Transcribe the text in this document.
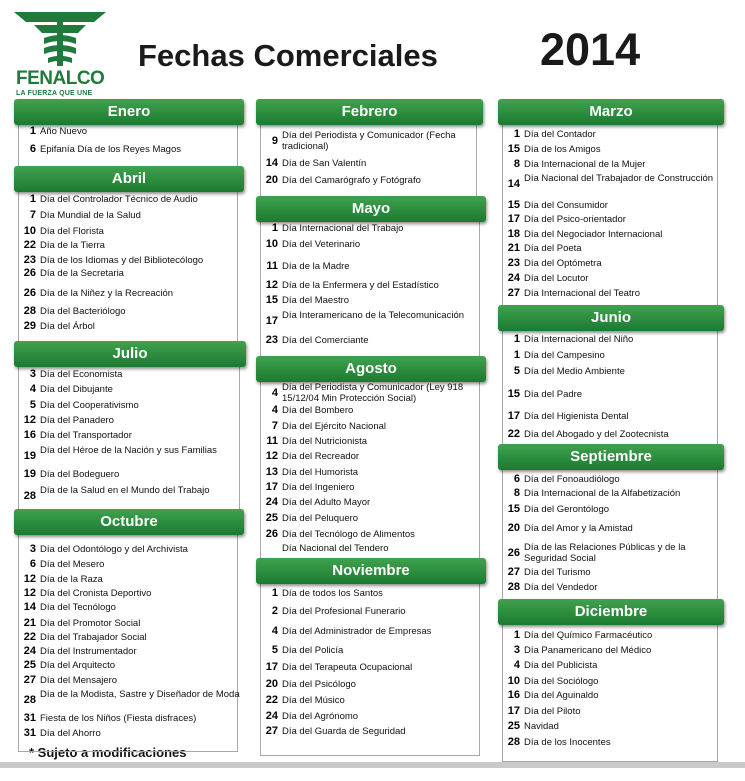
FENALCO
LA FUERZA QUE UNE
Fechas Comerciales 2014
* Sujeto a modificaciones
Enero
1 Año Nuevo
6 Epifanía Día de los Reyes Magos
Abril
1 Día del Controlador Técnico de Audio
7 Día Mundial de la Salud
10 Día del Florista
22 Día de la Tierra
23 Día de los Idiomas y del Bibliotecólogo
26 Día de la Secretaria
26 Día de la Niñez y la Recreación
28 Día del Bacteriólogo
29 Día del Árbol
Julio
3 Día del Economista
4 Día del Dibujante
5 Día del Cooperativismo
12 Día del Panadero
16 Día del Transportador
19 Día del Héroe de la Nación y sus Familias
19 Día del Bodeguero
28 Día de la Salud en el Mundo del Trabajo
Octubre
3 Día del Odontólogo y del Archivista
6 Día del Mesero
12 Día de la Raza
12 Día del Cronista Deportivo
14 Día del Tecnólogo
21 Día del Promotor Social
22 Día del Trabajador Social
24 Día del Instrumentador
25 Día del Arquitecto
27 Día del Mensajero
28 Día de la Modista, Sastre y Diseñador de Moda
31 Fiesta de los Niños (Fiesta disfraces)
31 Día del Ahorro
Febrero
9 Día del Periodista y Comunicador (Fecha tradicional)
14 Día de San Valentín
20 Día del Camarógrafo y Fotógrafo
Mayo
1 Día Internacional del Trabajo
10 Día del Veterinario
11 Día de la Madre
12 Día de la Enfermera y del Estadístico
15 Día del Maestro
17 Día Interamericano de la Telecomunicación
23 Día del Comerciante
Agosto
4 Día del Periodista y Comunicador (Ley 918 15/12/04 Min Protección Social)
4 Día del Bombero
7 Día del Ejército Nacional
11 Día del Nutricionista
12 Día del Recreador
13 Día del Humorista
17 Día del Ingeniero
24 Día del Adulto Mayor
25 Día del Peluquero
26 Día del Tecnólogo de Alimentos
Día Nacional del Tendero
Noviembre
1 Día de todos los Santos
2 Día del Profesional Funerario
4 Día del Administrador de Empresas
5 Día del Policía
17 Día del Terapeuta Ocupacional
20 Día del Psicólogo
22 Día del Músico
24 Día del Agrónomo
27 Día del Guarda de Seguridad
Marzo
1 Día del Contador
15 Día de los Amigos
8 Día Internacional de la Mujer
14 Día Nacional del Trabajador de Construcción
15 Día del Consumidor
17 Día del Psico-orientador
18 Día del Negociador Internacional
21 Día del Poeta
23 Día del Optómetra
24 Día del Locutor
27 Día Internacional del Teatro
Junio
1 Día Internacional del Niño
1 Día del Campesino
5 Día del Medio Ambiente
15 Día del Padre
17 Día del Higienista Dental
22 Día del Abogado y del Zootecnista
Septiembre
6 Día del Fonoaudiólogo
8 Día Internacional de la Alfabetización
15 Día del Gerontólogo
20 Día del Amor y la Amistad
26 Día de las Relaciones Públicas y de la Seguridad Social
27 Día del Turismo
28 Día del Vendedor
Diciembre
1 Día del Químico Farmacéutico
3 Día Panamericano del Médico
4 Día del Publicista
10 Día del Sociólogo
16 Día del Aguinaldo
17 Día del Piloto
25 Navidad
28 Día de los Inocentes
